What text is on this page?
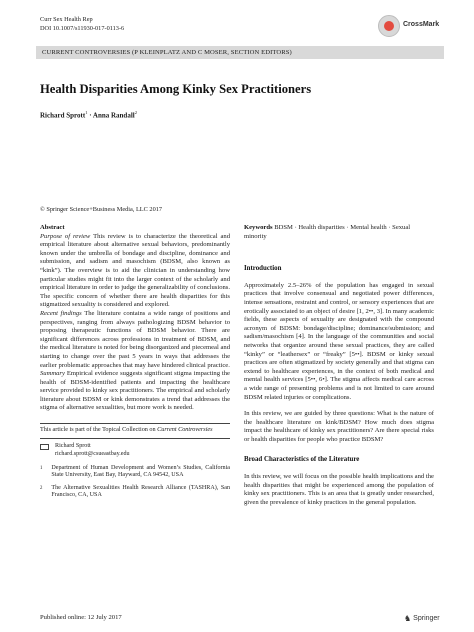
Curr Sex Health Rep
DOI 10.1007/s11930-017-0113-6	CrossMark
CURRENT CONTROVERSIES (P KLEINPLATZ AND C MOSER, SECTION EDITORS)
Health Disparities Among Kinky Sex Practitioners
Richard Sprott$^1$ · Anna Randall$^2$
© Springer Science+Business Media, LLC 2017
Abstract

Purpose of review This review is to characterize the theoretical and empirical literature about alternative sexual behaviors, predominantly known under the umbrella of bondage and discipline, dominance and submission, and sadism and masochism (BDSM, also known as “kink”). The overview is to aid the clinician in understanding how particular studies might fit into the larger context of the scholarly and empirical literature in order to judge the generalizability of conclusions. The specific concern of whether there are health disparities for this stigmatized sexuality is considered and explored.

Recent findings The literature contains a wide range of positions and perspectives, ranging from always pathologizing BDSM behavior to proposing therapeutic functions of BDSM behavior. There are significant differences across professions in treatment of BDSM, and the medical literature is noted for being disorganized and piecemeal and starting to change over the past 5 years in ways that addresses the earlier problematic approaches that may have hindered clinical practice.

Summary Empirical evidence suggests significant stigma impacting the health of BDSM-identified patients and impacting the healthcare service provided to kinky sex practitioners. The empirical and scholarly literature about BDSM or kink demonstrates a trend that addresses the stigma of alternative sexualities, but more work is needed.

This article is part of the Topical Collection on Current Controversies
Richard Sprott
richard.sprott@csueastbay.edu
1 Department of Human Development and Women’s Studies, California State University, East Bay, Hayward, CA 94542, USA
2 The Alternative Sexualities Health Research Alliance (TASHRA), San Francisco, CA, USA

Keywords BDSM · Health disparities · Mental health · Sexual minority

Introduction

Approximately 2.5–26% of the population has engaged in sexual practices that involve consensual and negotiated power differences, intense sensations, restraint and control, or sensory experiences that are erotically associated to an object of desire [1, 2••, 3]. In many academic fields, these aspects of sexuality are designated with the compound acronym of BDSM: bondage/discipline; dominance/submission; and sadism/masochism [4]. In the language of the communities and social networks that organize around these sexual practices, they are called “kinky” or “leathersex” or “freaky” [5••]. BDSM or kinky sexual practices are often stigmatized by society generally and that stigma can extend to healthcare experiences, in the context of both medical and mental health services [5••, 6•]. The stigma affects medical care across a wide range of presenting problems and is not limited to care around BDSM related injuries or complications.

In this review, we are guided by three questions: What is the nature of the healthcare literature on kink/BDSM? How much does stigma impact the healthcare of kinky sex practitioners? Are there special risks or health disparities for people who practice BDSM?

Broad Characteristics of the Literature

In this review, we will focus on the possible health implications and the health disparities that might be experienced among the population of kinky sex practitioners. This is an area that is greatly under researched, given the prevalence of kinky practices in the general population.

Published online: 12 July 2017	♞ Springer
